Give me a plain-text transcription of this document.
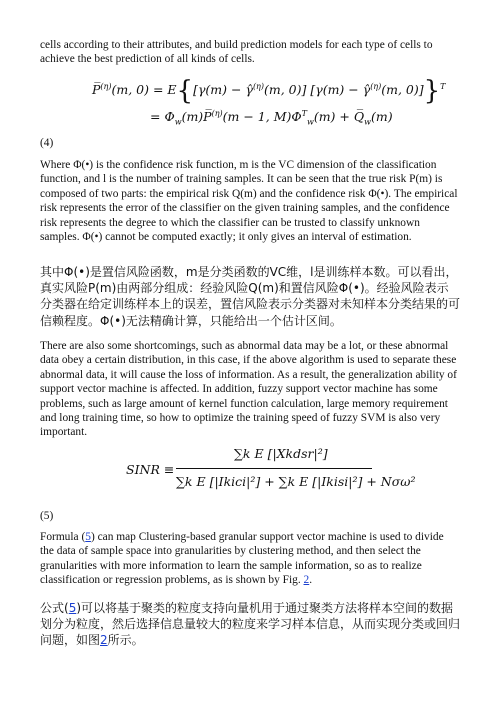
cells according to their attributes, and build prediction models for each type of cells to achieve the best prediction of all kinds of cells.

P̅$^{(\eta)}$(m, 0) = E{[γ(m) − γ̂$^{(\eta)}$(m, 0)] [γ(m) − γ̂$^{(\eta)}$(m, 0)]}$^T$
= $\Phi_w(m)P̅^{(\eta)}(m - 1$, $M)\Phi^T_w(m)$ + $Q̅_w(m)$
(4)

Where Φ(•) is the confidence risk function, m is the VC dimension of the classification function, and l is the number of training samples. It can be seen that the true risk P(m) is composed of two parts: the empirical risk Q(m) and the confidence risk Φ(•). The empirical risk represents the error of the classifier on the given training samples, and the confidence risk represents the degree to which the classifier can be trusted to classify unknown samples. Φ(•) cannot be computed exactly; it only gives an interval of estimation.

其中Φ(•)是置信风险函数，m是分类函数的VC维，l是训练样本数。可以看出，真实风险P(m)由两部分组成：经验风险Q(m)和置信风险Φ(•)。经验风险表示分类器在给定训练样本上的误差，置信风险表示分类器对未知样本分类结果的可信赖程度。Φ(•)无法精确计算，只能给出一个估计区间。

There are also some shortcomings, such as abnormal data may be a lot, or these abnormal data obey a certain distribution, in this case, if the above algorithm is used to separate these abnormal data, it will cause the loss of information. As a result, the generalization ability of support vector machine is affected. In addition, fuzzy support vector machine has some problems, such as large amount of kernel function calculation, large memory requirement and long training time, so how to optimize the training speed of fuzzy SVM is also very important.

SINR ≡
∑k E [|Xkdsr|²]
∑k E [|Ikici|²] + ∑k E [|Ikisi|²] + Nσω²
(5)

Formula (5) can map Clustering-based granular support vector machine is used to divide the data of sample space into granularities by clustering method, and then select the granularities with more information to learn the sample information, so as to realize classification or regression problems, as is shown by Fig. 2.

公式(5)可以将基于聚类的粒度支持向量机用于通过聚类方法将样本空间的数据划分为粒度，然后选择信息量较大的粒度来学习样本信息，从而实现分类或回归问题，如图2所示。
